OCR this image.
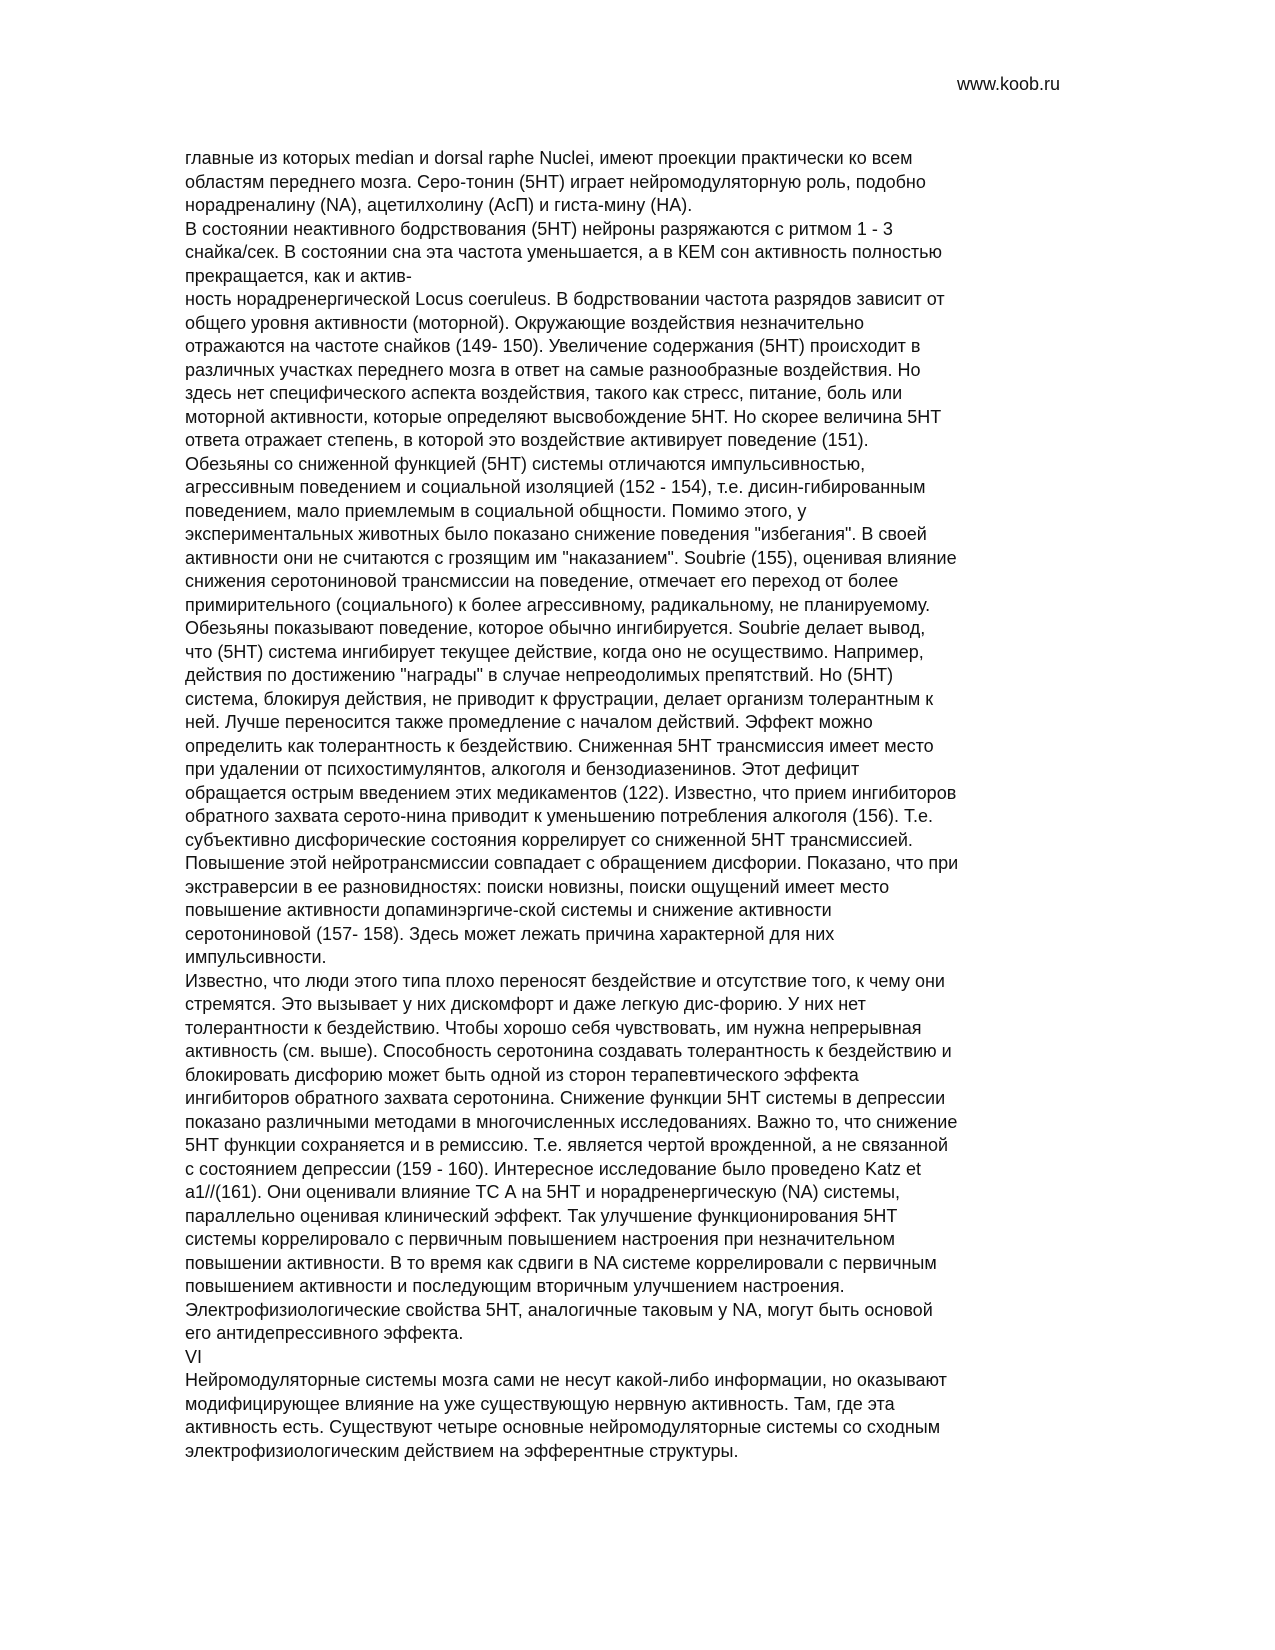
www.koob.ru
главные из которых median и dorsal raphe Nuclei, имеют проекции практически ко всем
областям переднего мозга. Серо-тонин (5НТ) играет нейромодуляторную роль, подобно
норадреналину (NA), ацетилхолину (АсП) и гиста-мину (НА).
В состоянии неактивного бодрствования (5НТ) нейроны разряжаются с ритмом 1 - 3
снайка/сек. В состоянии сна эта частота уменьшается, а в КЕМ сон активность полностью
прекращается, как и актив-
ность норадренергической Locus coeruleus. В бодрствовании частота разрядов зависит от
общего уровня активности (моторной). Окружающие воздействия незначительно
отражаются на частоте снайков (149- 150). Увеличение содержания (5НТ) происходит в
различных участках переднего мозга в ответ на самые разнообразные воздействия. Но
здесь нет специфического аспекта воздействия, такого как стресс, питание, боль или
моторной активности, которые определяют высвобождение 5НТ. Но скорее величина 5НТ
ответа отражает степень, в которой это воздействие активирует поведение (151).
Обезьяны со сниженной функцией (5НТ) системы отличаются импульсивностью,
агрессивным поведением и социальной изоляцией (152 - 154), т.е. дисин-гибированным
поведением, мало приемлемым в социальной общности. Помимо этого, у
экспериментальных животных было показано снижение поведения "избегания". В своей
активности они не считаются с грозящим им "наказанием". Soubrie (155), оценивая влияние
снижения серотониновой трансмиссии на поведение, отмечает его переход от более
примирительного (социального) к более агрессивному, радикальному, не планируемому.
Обезьяны показывают поведение, которое обычно ингибируется. Soubrie делает вывод,
что (5НТ) система ингибирует текущее действие, когда оно не осуществимо. Например,
действия по достижению "награды" в случае непреодолимых препятствий. Но (5НТ)
система, блокируя действия, не приводит к фрустрации, делает организм толерантным к
ней. Лучше переносится также промедление с началом действий. Эффект можно
определить как толерантность к бездействию. Сниженная 5НТ трансмиссия имеет место
при удалении от психостимулянтов, алкоголя и бензодиазенинов. Этот дефицит
обращается острым введением этих медикаментов (122). Известно, что прием ингибиторов
обратного захвата серото-нина приводит к уменьшению потребления алкоголя (156). Т.е.
субъективно дисфорические состояния коррелирует со сниженной 5НТ трансмиссией.
Повышение этой нейротрансмиссии совпадает с обращением дисфории. Показано, что при
экстраверсии в ее разновидностях: поиски новизны, поиски ощущений имеет место
повышение активности допаминэргиче-ской системы и снижение активности
серотониновой (157- 158). Здесь может лежать причина характерной для них
импульсивности.
Известно, что люди этого типа плохо переносят бездействие и отсутствие того, к чему они
стремятся. Это вызывает у них дискомфорт и даже легкую дис-форию. У них нет
толерантности к бездействию. Чтобы хорошо себя чувствовать, им нужна непрерывная
активность (см. выше). Способность серотонина создавать толерантность к бездействию и
блокировать дисфорию может быть одной из сторон терапевтического эффекта
ингибиторов обратного захвата серотонина. Снижение функции 5НТ системы в депрессии
показано различными методами в многочисленных исследованиях. Важно то, что снижение
5НТ функции сохраняется и в ремиссию. Т.е. является чертой врожденной, а не связанной
с состоянием депрессии (159 - 160). Интересное исследование было проведено Katz et
a1//(161). Они оценивали влияние ТС А на 5НТ и норадренергическую (NA) системы,
параллельно оценивая клинический эффект. Так улучшение функционирования 5НТ
системы коррелировало с первичным повышением настроения при незначительном
повышении активности. В то время как сдвиги в NA системе коррелировали с первичным
повышением активности и последующим вторичным улучшением настроения.
Электрофизиологические свойства 5НТ, аналогичные таковым у NA, могут быть основой
его антидепрессивного эффекта.
VI
Нейромодуляторные системы мозга сами не несут какой-либо информации, но оказывают
модифицирующее влияние на уже существующую нервную активность. Там, где эта
активность есть. Существуют четыре основные нейромодуляторные системы со сходным
электрофизиологическим действием на эфферентные структуры.
